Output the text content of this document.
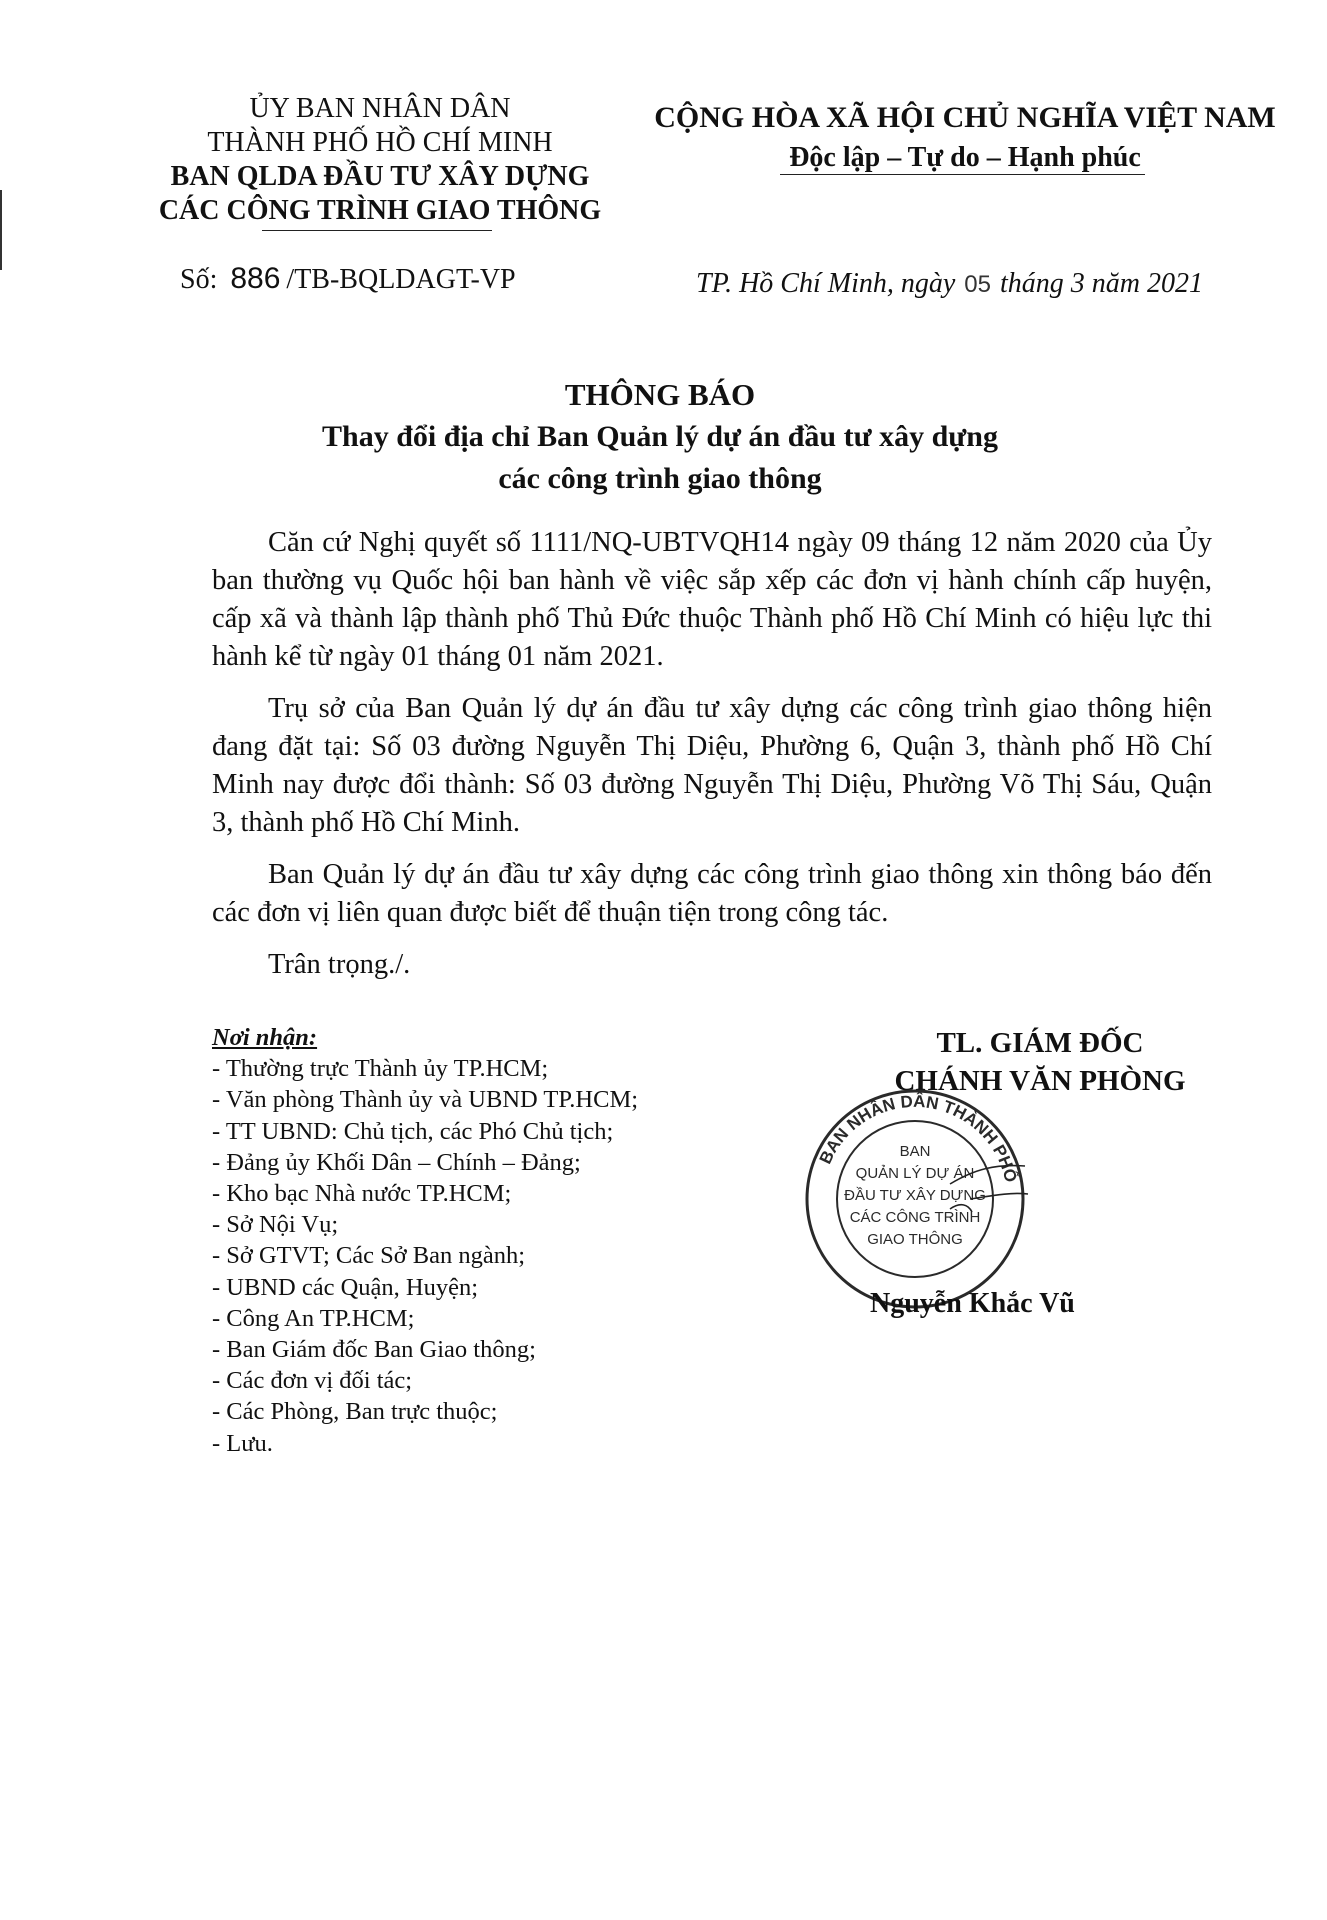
ỦY BAN NHÂN DÂN
THÀNH PHỐ HỒ CHÍ MINH
BAN QLDA ĐẦU TƯ XÂY DỰNG
CÁC CÔNG TRÌNH GIAO THÔNG
Số: 886 /TB-BQLDAGT-VP
CỘNG HÒA XÃ HỘI CHỦ NGHĨA VIỆT NAM
Độc lập – Tự do – Hạnh phúc
TP. Hồ Chí Minh, ngày 05 tháng 3 năm 2021
THÔNG BÁO
Thay đổi địa chỉ Ban Quản lý dự án đầu tư xây dựng
các công trình giao thông

Căn cứ Nghị quyết số 1111/NQ-UBTVQH14 ngày 09 tháng 12 năm 2020 của Ủy ban thường vụ Quốc hội ban hành về việc sắp xếp các đơn vị hành chính cấp huyện, cấp xã và thành lập thành phố Thủ Đức thuộc Thành phố Hồ Chí Minh có hiệu lực thi hành kể từ ngày 01 tháng 01 năm 2021.

Trụ sở của Ban Quản lý dự án đầu tư xây dựng các công trình giao thông hiện đang đặt tại: Số 03 đường Nguyễn Thị Diệu, Phường 6, Quận 3, thành phố Hồ Chí Minh nay được đổi thành: Số 03 đường Nguyễn Thị Diệu, Phường Võ Thị Sáu, Quận 3, thành phố Hồ Chí Minh.

Ban Quản lý dự án đầu tư xây dựng các công trình giao thông xin thông báo đến các đơn vị liên quan được biết để thuận tiện trong công tác.

Trân trọng./.

Nơi nhận:
- Thường trực Thành ủy TP.HCM;
- Văn phòng Thành ủy và UBND TP.HCM;
- TT UBND: Chủ tịch, các Phó Chủ tịch;
- Đảng ủy Khối Dân – Chính – Đảng;
- Kho bạc Nhà nước TP.HCM;
- Sở Nội Vụ;
- Sở GTVT; Các Sở Ban ngành;
- UBND các Quận, Huyện;
- Công An TP.HCM;
- Ban Giám đốc Ban Giao thông;
- Các đơn vị đối tác;
- Các Phòng, Ban trực thuộc;
- Lưu.
TL. GIÁM ĐỐC
CHÁNH VĂN PHÒNG
BAN NHÂN DÂN THÀNH PHỐ
BAN
QUẢN LÝ DỰ ÁN
ĐẦU TƯ XÂY DỰNG
CÁC CÔNG TRÌNH
GIAO THÔNG
Nguyễn Khắc Vũ
